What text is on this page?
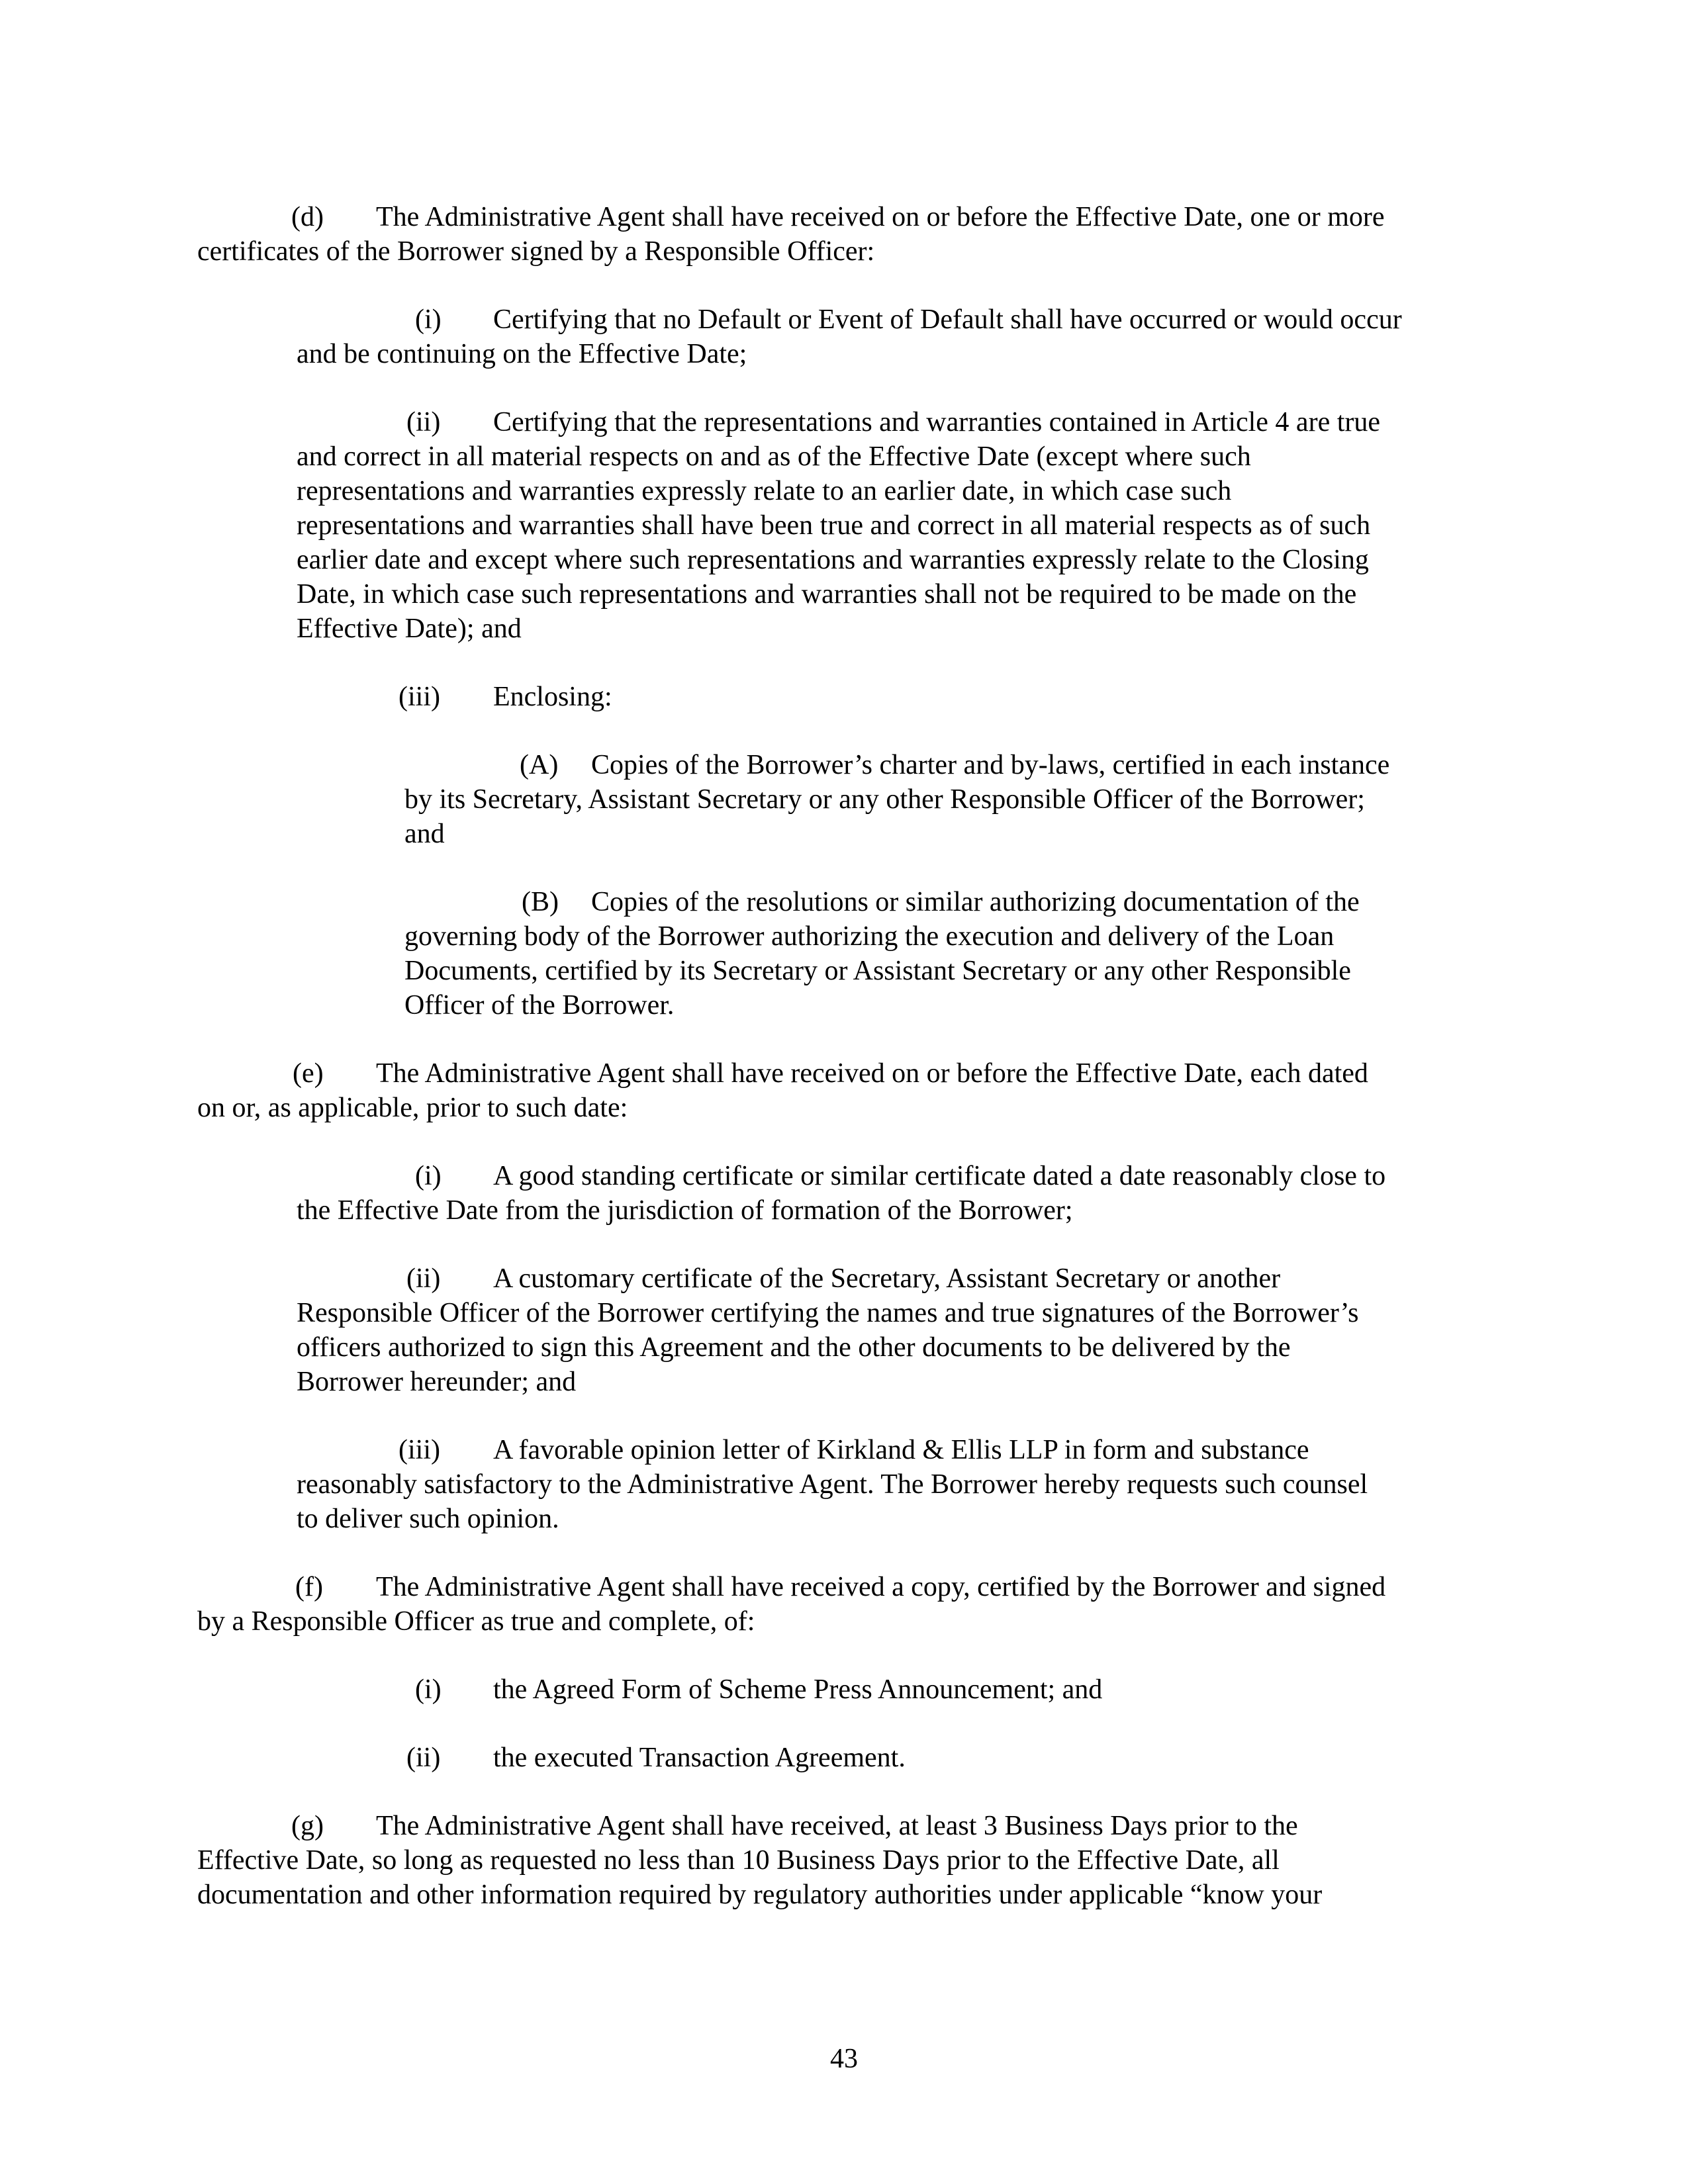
(d) The Administrative Agent shall have received on or before the Effective Date, one or more
certificates of the Borrower signed by a Responsible Officer:
(i) Certifying that no Default or Event of Default shall have occurred or would occur
and be continuing on the Effective Date;
(ii) Certifying that the representations and warranties contained in Article 4 are true
and correct in all material respects on and as of the Effective Date (except where such
representations and warranties expressly relate to an earlier date, in which case such
representations and warranties shall have been true and correct in all material respects as of such
earlier date and except where such representations and warranties expressly relate to the Closing
Date, in which case such representations and warranties shall not be required to be made on the
Effective Date); and
(iii) Enclosing:
(A) Copies of the Borrower’s charter and by-laws, certified in each instance
by its Secretary, Assistant Secretary or any other Responsible Officer of the Borrower;
and
(B) Copies of the resolutions or similar authorizing documentation of the
governing body of the Borrower authorizing the execution and delivery of the Loan
Documents, certified by its Secretary or Assistant Secretary or any other Responsible
Officer of the Borrower.
(e) The Administrative Agent shall have received on or before the Effective Date, each dated
on or, as applicable, prior to such date:
(i) A good standing certificate or similar certificate dated a date reasonably close to
the Effective Date from the jurisdiction of formation of the Borrower;
(ii) A customary certificate of the Secretary, Assistant Secretary or another
Responsible Officer of the Borrower certifying the names and true signatures of the Borrower’s
officers authorized to sign this Agreement and the other documents to be delivered by the
Borrower hereunder; and
(iii) A favorable opinion letter of Kirkland & Ellis LLP in form and substance
reasonably satisfactory to the Administrative Agent. The Borrower hereby requests such counsel
to deliver such opinion.
(f) The Administrative Agent shall have received a copy, certified by the Borrower and signed
by a Responsible Officer as true and complete, of:
(i) the Agreed Form of Scheme Press Announcement; and
(ii) the executed Transaction Agreement.
(g) The Administrative Agent shall have received, at least 3 Business Days prior to the
Effective Date, so long as requested no less than 10 Business Days prior to the Effective Date, all
documentation and other information required by regulatory authorities under applicable “know your
43
